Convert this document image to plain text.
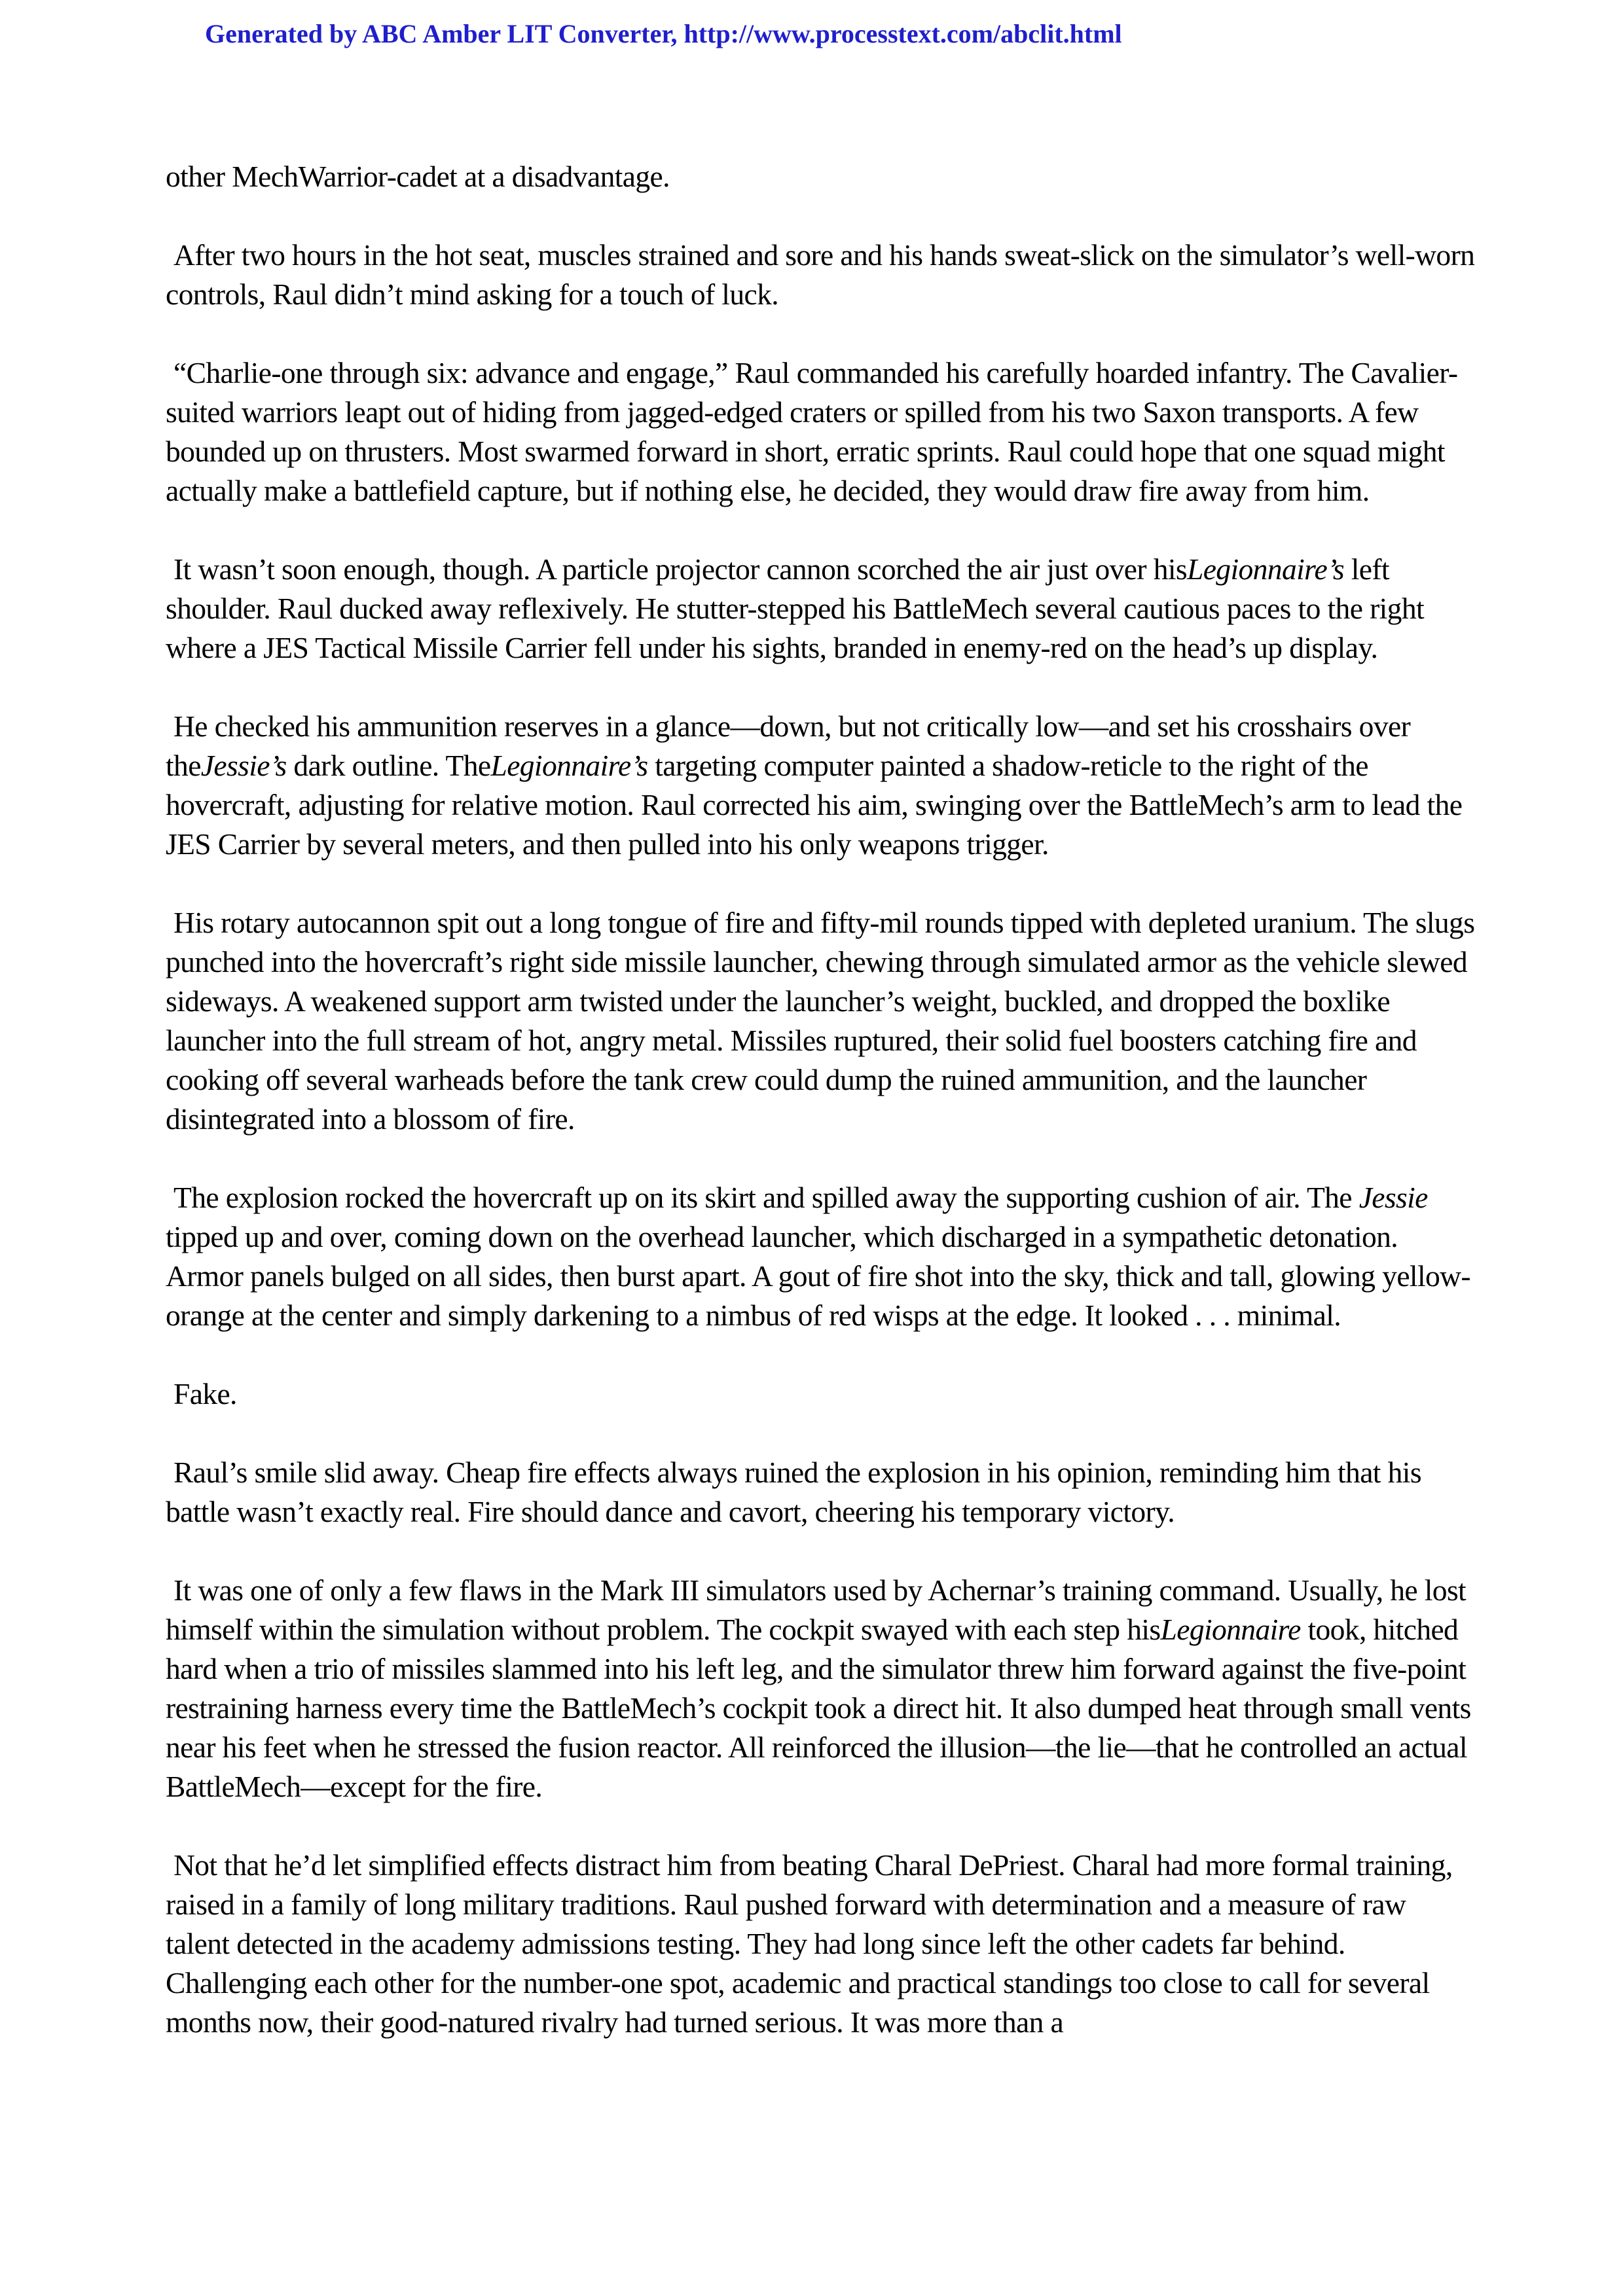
Generated by ABC Amber LIT Converter, http://www.processtext.com/abclit.html

other MechWarrior-cadet at a disadvantage.

After two hours in the hot seat, muscles strained and sore and his hands sweat-slick on the simulator’s well-worn controls, Raul didn’t mind asking for a touch of luck.

“Charlie-one through six: advance and engage,” Raul commanded his carefully hoarded infantry. The Cavalier-suited warriors leapt out of hiding from jagged-edged craters or spilled from his two Saxon transports. A few bounded up on thrusters. Most swarmed forward in short, erratic sprints. Raul could hope that one squad might actually make a battlefield capture, but if nothing else, he decided, they would draw fire away from him.

It wasn’t soon enough, though. A particle projector cannon scorched the air just over hisLegionnaire’s left shoulder. Raul ducked away reflexively. He stutter-stepped his BattleMech several cautious paces to the right where a JES Tactical Missile Carrier fell under his sights, branded in enemy-red on the head’s up display.

He checked his ammunition reserves in a glance—down, but not critically low—and set his crosshairs over theJessie’s dark outline. TheLegionnaire’s targeting computer painted a shadow-reticle to the right of the hovercraft, adjusting for relative motion. Raul corrected his aim, swinging over the BattleMech’s arm to lead the JES Carrier by several meters, and then pulled into his only weapons trigger.

His rotary autocannon spit out a long tongue of fire and fifty-mil rounds tipped with depleted uranium. The slugs punched into the hovercraft’s right side missile launcher, chewing through simulated armor as the vehicle slewed sideways. A weakened support arm twisted under the launcher’s weight, buckled, and dropped the boxlike launcher into the full stream of hot, angry metal. Missiles ruptured, their solid fuel boosters catching fire and cooking off several warheads before the tank crew could dump the ruined ammunition, and the launcher disintegrated into a blossom of fire.

The explosion rocked the hovercraft up on its skirt and spilled away the supporting cushion of air. The Jessie tipped up and over, coming down on the overhead launcher, which discharged in a sympathetic detonation. Armor panels bulged on all sides, then burst apart. A gout of fire shot into the sky, thick and tall, glowing yellow-orange at the center and simply darkening to a nimbus of red wisps at the edge. It looked . . . minimal.

Fake.

Raul’s smile slid away. Cheap fire effects always ruined the explosion in his opinion, reminding him that his battle wasn’t exactly real. Fire should dance and cavort, cheering his temporary victory.

It was one of only a few flaws in the Mark III simulators used by Achernar’s training command. Usually, he lost himself within the simulation without problem. The cockpit swayed with each step hisLegionnaire took, hitched hard when a trio of missiles slammed into his left leg, and the simulator threw him forward against the five-point restraining harness every time the BattleMech’s cockpit took a direct hit. It also dumped heat through small vents near his feet when he stressed the fusion reactor. All reinforced the illusion—the lie—that he controlled an actual BattleMech—except for the fire.

Not that he’d let simplified effects distract him from beating Charal DePriest. Charal had more formal training, raised in a family of long military traditions. Raul pushed forward with determination and a measure of raw talent detected in the academy admissions testing. They had long since left the other cadets far behind. Challenging each other for the number-one spot, academic and practical standings too close to call for several months now, their good-natured rivalry had turned serious. It was more than a
